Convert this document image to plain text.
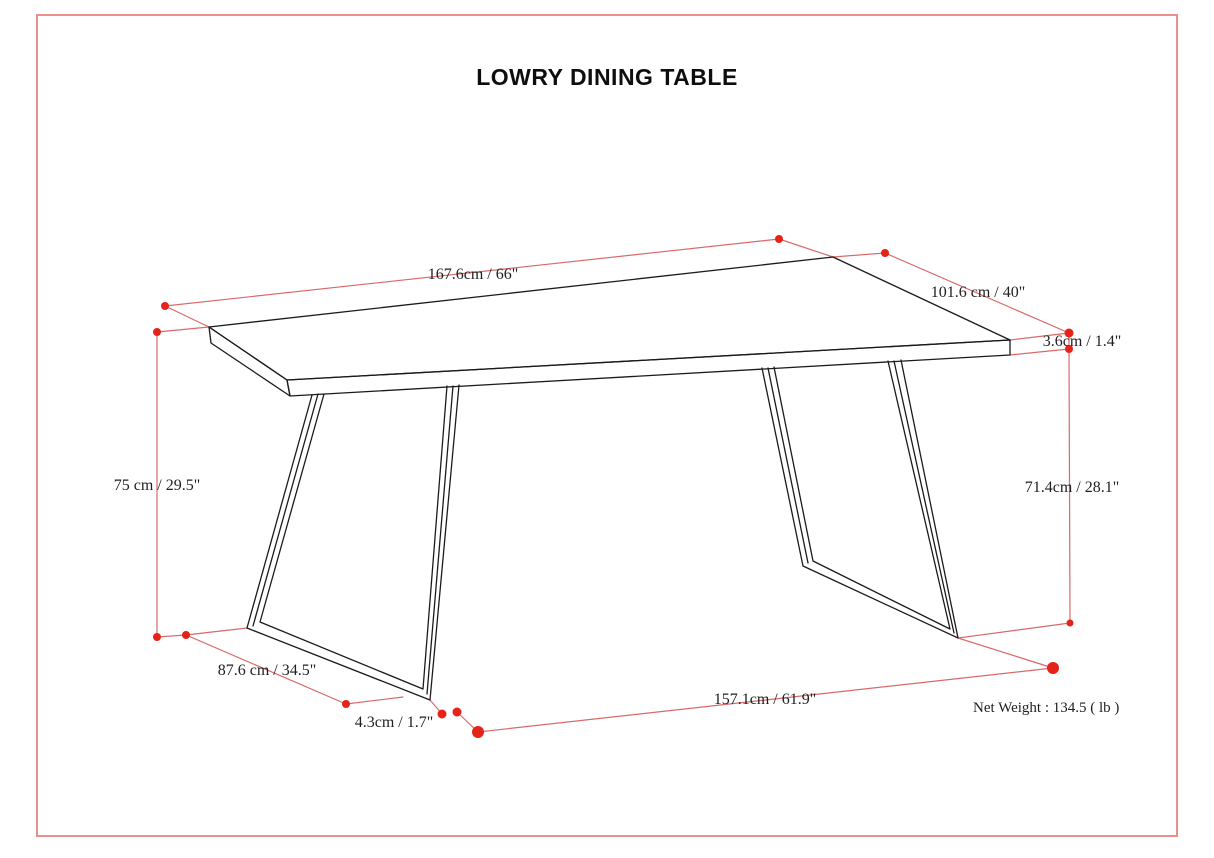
LOWRY DINING TABLE
167.6cm / 66"
101.6 cm / 40"
3.6cm / 1.4"
75 cm / 29.5"	71.4cm / 28.1"
87.6 cm / 34.5"
4.3cm / 1.7"
157.1cm / 61.9"	Net Weight : 134.5 ( lb )
